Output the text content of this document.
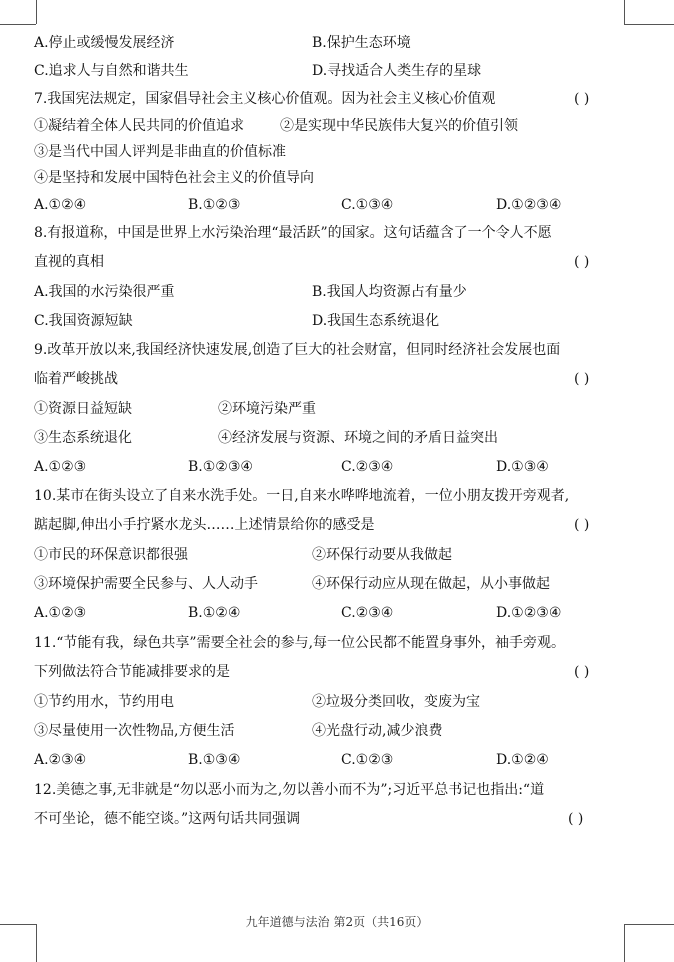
A.停止或缓慢发展经济	B.保护生态环境
C.追求人与自然和谐共生	D.寻找适合人类生存的星球
7.我国宪法规定，国家倡导社会主义核心价值观。因为社会主义核心价值观	( )
①凝结着全体人民共同的价值追求	②是实现中华民族伟大复兴的价值引领
③是当代中国人评判是非曲直的价值标准
④是坚持和发展中国特色社会主义的价值导向
A.①②④	B.①②③	C.①③④	D.①②③④
8.有报道称，中国是世界上水污染治理“最活跃”的国家。这句话蕴含了一个令人不愿
直视的真相	( )
A.我国的水污染很严重	B.我国人均资源占有量少
C.我国资源短缺	D.我国生态系统退化
9.改革开放以来,我国经济快速发展,创造了巨大的社会财富，但同时经济社会发展也面
临着严峻挑战	( )
①资源日益短缺	②环境污染严重
③生态系统退化	④经济发展与资源、环境之间的矛盾日益突出
A.①②③	B.①②③④	C.②③④	D.①③④
10.某市在街头设立了自来水洗手处。一日,自来水哗哗地流着，一位小朋友拨开旁观者,
踮起脚,伸出小手拧紧水龙头……上述情景给你的感受是	( )
①市民的环保意识都很强	②环保行动要从我做起
③环境保护需要全民参与、人人动手	④环保行动应从现在做起，从小事做起
A.①②③	B.①②④	C.②③④	D.①②③④
11.“节能有我，绿色共享”需要全社会的参与,每一位公民都不能置身事外，袖手旁观。
下列做法符合节能减排要求的是	( )
①节约用水，节约用电	②垃圾分类回收，变废为宝
③尽量使用一次性物品,方便生活	④光盘行动,减少浪费
A.②③④	B.①③④	C.①②③	D.①②④
12.美德之事,无非就是“勿以恶小而为之,勿以善小而不为”;习近平总书记也指出:“道
不可坐论，德不能空谈。”这两句话共同强调	( )
九年道德与法治 第2页（共16页）
